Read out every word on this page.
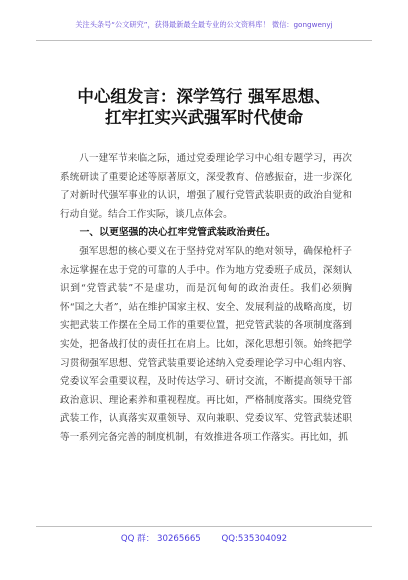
关注头条号“公文研究”，获得最新最全最专业的公文资料库！ 微信：gongwenyj
中心组发言：深学笃行 强军思想、
扛牢扛实兴武强军时代使命

八一建军节来临之际，通过党委理论学习中心组专题学习，再次系统研读了重要论述等原著原文，深受教育、倍感振奋，进一步深化了对新时代强军事业的认识，增强了履行党管武装职责的政治自觉和行动自觉。结合工作实际，谈几点体会。

一、以更坚强的决心扛牢党管武装政治责任。

强军思想的核心要义在于坚持党对军队的绝对领导，确保枪杆子永远掌握在忠于党的可靠的人手中。作为地方党委班子成员，深刻认识到“党管武装”不是虚功，而是沉甸甸的政治责任。我们必须胸怀“国之大者”，站在维护国家主权、安全、发展利益的战略高度，切实把武装工作摆在全局工作的重要位置，把党管武装的各项制度落到实处，把备战打仗的责任扛在肩上。比如，深化思想引领。始终把学习贯彻强军思想、党管武装重要论述纳入党委理论学习中心组内容、党委议军会重要议程，及时传达学习、研讨交流，不断提高领导干部政治意识、理论素养和重视程度。再比如，严格制度落实。围绕党管武装工作，认真落实双重领导、双向兼职、党委议军、党管武装述职等一系列完备完善的制度机制，有效推进各项工作落实。再比如，抓

QQ 群： 30265665 QQ:535304092
